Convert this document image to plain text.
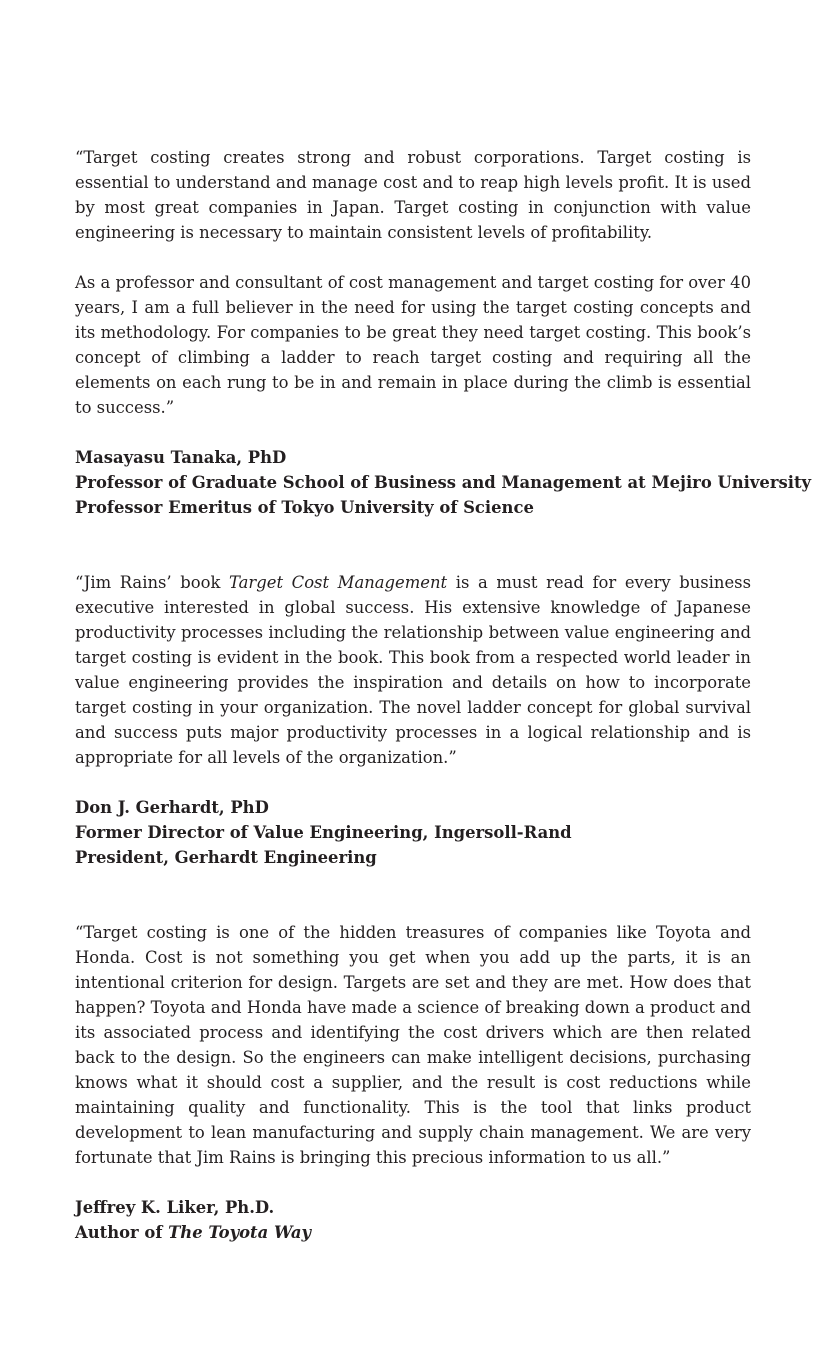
“Target costing creates strong and robust corporations. Target costing is essential to understand and manage cost and to reap high levels profit. It is used by most great companies in Japan. Target costing in conjunction with value engineering is necessary to maintain consistent levels of profitability.

As a professor and consultant of cost management and target costing for over 40 years, I am a full believer in the need for using the target costing concepts and its methodology. For companies to be great they need target costing. This book’s concept of climbing a ladder to reach target costing and requiring all the elements on each rung to be in and remain in place during the climb is essential to success.”

Masayasu Tanaka, PhD
Professor of Graduate School of Business and Management at Mejiro University
Professor Emeritus of Tokyo University of Science

“Jim Rains’ book Target Cost Management is a must read for every business executive interested in global success. His extensive knowledge of Japanese productivity processes including the relationship between value engineering and target costing is evident in the book. This book from a respected world leader in value engineering provides the inspiration and details on how to incorporate target costing in your organization. The novel ladder concept for global survival and success puts major productivity processes in a logical relationship and is appropriate for all levels of the organization.”

Don J. Gerhardt, PhD
Former Director of Value Engineering, Ingersoll-Rand
President, Gerhardt Engineering

“Target costing is one of the hidden treasures of companies like Toyota and Honda. Cost is not something you get when you add up the parts, it is an intentional criterion for design. Targets are set and they are met. How does that happen? Toyota and Honda have made a science of breaking down a product and its associated process and identifying the cost drivers which are then related back to the design. So the engineers can make intelligent decisions, purchasing knows what it should cost a supplier, and the result is cost reductions while maintaining quality and functionality. This is the tool that links product development to lean manufacturing and supply chain management. We are very fortunate that Jim Rains is bringing this precious information to us all.”

Jeffrey K. Liker, Ph.D.
Author of The Toyota Way
